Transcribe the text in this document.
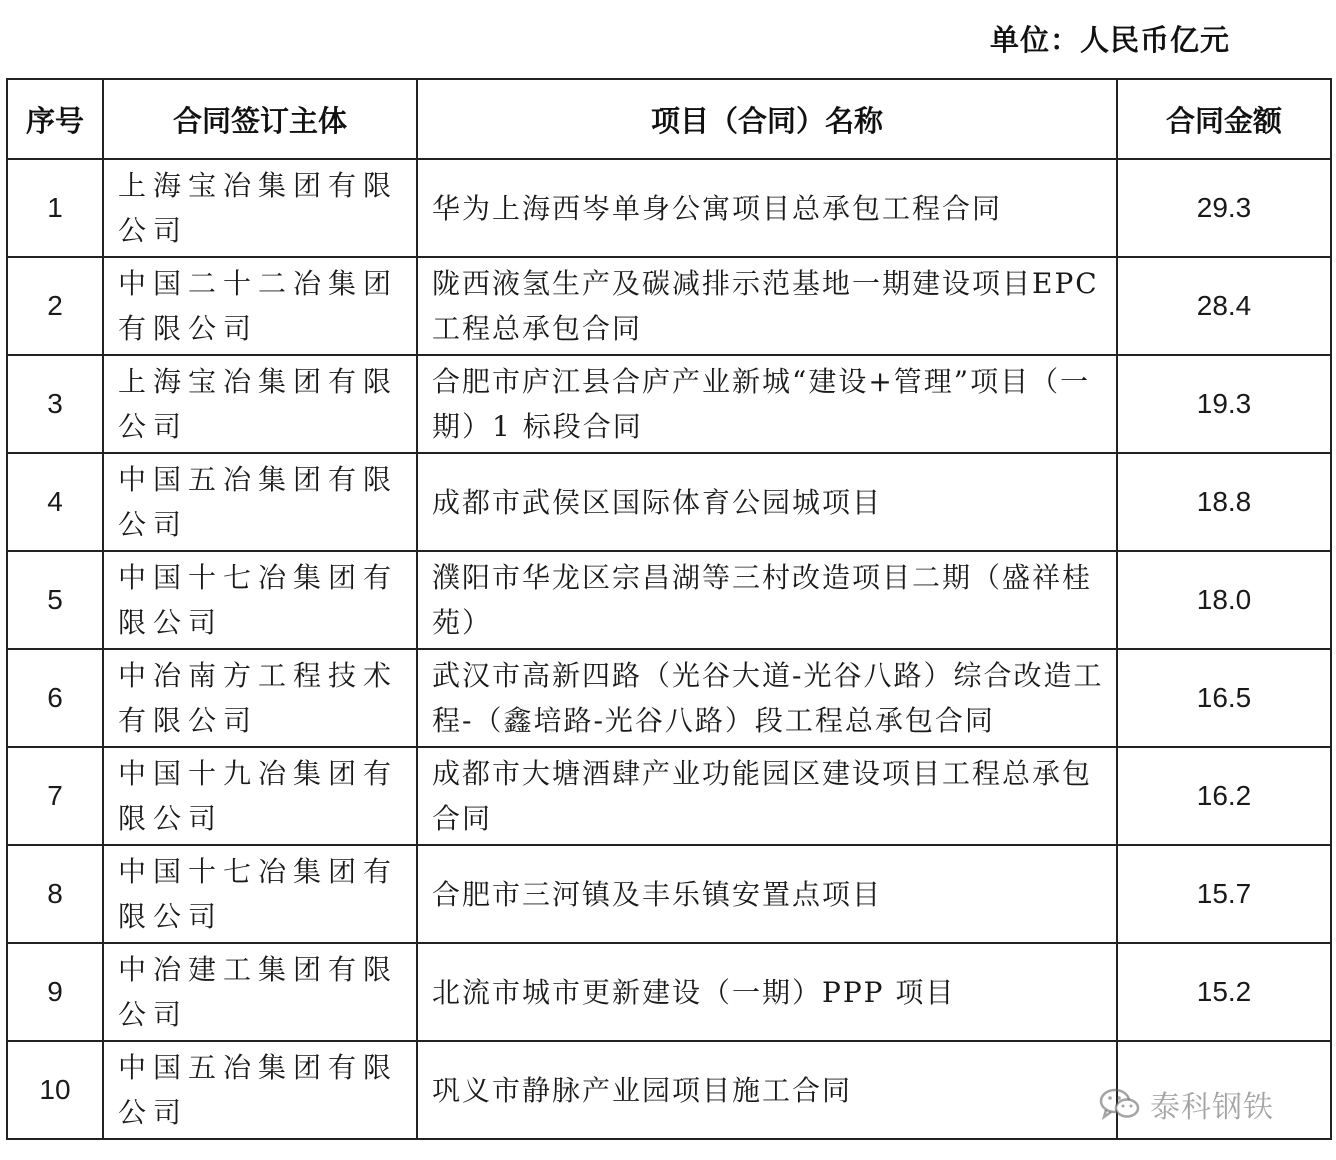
单位：人民币亿元
序号	合同签订主体	项目（合同）名称	合同金额
1	上海宝冶集团有限公司	华为上海西岑单身公寓项目总承包工程合同	29.3
2	中国二十二冶集团有限公司	陇西液氢生产及碳减排示范基地一期建设项目EPC 工程总承包合同	28.4
3	上海宝冶集团有限公司	合肥市庐江县合庐产业新城“建设+管理”项目（一期）1 标段合同	19.3
4	中国五冶集团有限公司	成都市武侯区国际体育公园城项目	18.8
5	中国十七冶集团有限公司	濮阳市华龙区宗昌湖等三村改造项目二期（盛祥桂苑）	18.0
6	中冶南方工程技术有限公司	武汉市高新四路（光谷大道-光谷八路）综合改造工程-（鑫培路-光谷八路）段工程总承包合同	16.5
7	中国十九冶集团有限公司	成都市大塘酒肆产业功能园区建设项目工程总承包合同	16.2
8	中国十七冶集团有限公司	合肥市三河镇及丰乐镇安置点项目	15.7
9	中冶建工集团有限公司	北流市城市更新建设（一期）PPP 项目	15.2
10	中国五冶集团有限公司	巩义市静脉产业园项目施工合同		泰科钢铁
